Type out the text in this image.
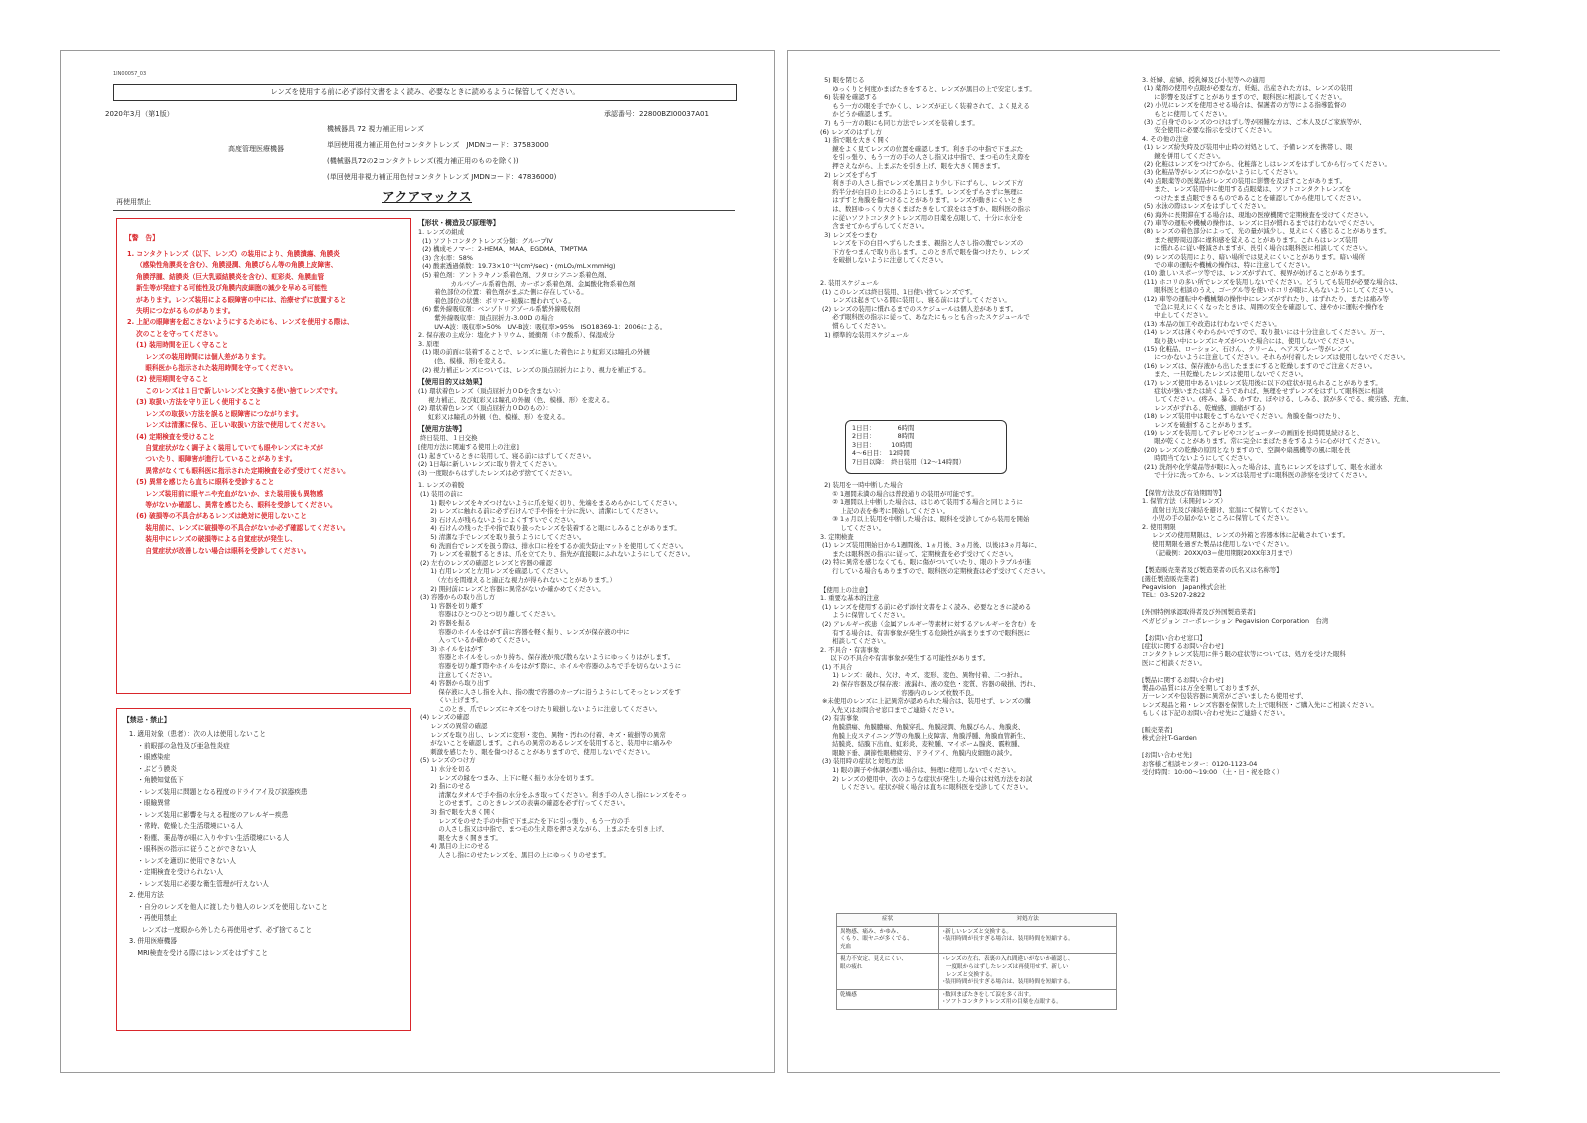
1IN00057_03
レンズを使用する前に必ず添付文書をよく読み、必要なときに読めるように保管してください。
2020年3月（第1版）	承認番号：22800BZI00037A01
高度管理医療機器
機械器具 72 視力補正用レンズ
単回使用視力補正用色付コンタクトレンズ　JMDNコード：37583000
(機械器具72の2コンタクトレンズ(視力補正用のものを除く))
(単回使用非視力補正用色付コンタクトレンズ JMDNコード：47836000)
再使用禁止	アクアマックス
【警　告】
1. コンタクトレンズ（以下、レンズ）の装用により、角膜潰瘍、角膜炎
（感染性角膜炎を含む）、角膜浸潤、角膜びらん等の角膜上皮障害、
角膜浮腫、結膜炎（巨大乳頭結膜炎を含む）、虹彩炎、角膜血管
新生等が発症する可能性及び角膜内皮細胞の減少を早める可能性
があります。レンズ装用による眼障害の中には、治療せずに放置すると
失明につながるものがあります。
2. 上記の眼障害を起こさないようにするためにも、レンズを使用する際は、
次のことを守ってください。
(1) 装用時間を正しく守ること
レンズの装用時間には個人差があります。
眼科医から指示された装用時間を守ってください。
(2) 使用期間を守ること
このレンズは１日で新しいレンズと交換する使い捨てレンズです。
(3) 取扱い方法を守り正しく使用すること
レンズの取扱い方法を誤ると眼障害につながります。
レンズは清潔に保ち、正しい取扱い方法で使用してください。
(4) 定期検査を受けること
自覚症状がなく調子よく装用していても眼やレンズにキズが
ついたり、眼障害が進行していることがあります。
異常がなくても眼科医に指示された定期検査を必ず受けてください。
(5) 異常を感じたら直ちに眼科を受診すること
レンズ装用前に眼ヤニや充血がないか、また装用後も異物感
等がないか確認し、異常を感じたら、眼科を受診してください。
(6) 破損等の不具合があるレンズは絶対に使用しないこと
装用前に、レンズに破損等の不具合がないか必ず確認してください。
装用中にレンズの破損等による自覚症状が発生し、
自覚症状が改善しない場合は眼科を受診してください。
【禁忌・禁止】
1. 適用対象（患者）：次の人は使用しないこと
・前眼部の急性及び亜急性炎症
・眼感染症
・ぶどう膜炎
・角膜知覚低下
・レンズ装用に問題となる程度のドライアイ及び涙器疾患
・眼瞼異常
・レンズ装用に影響を与える程度のアレルギー疾患
・常時、乾燥した生活環境にいる人
・粉塵、薬品等が眼に入りやすい生活環境にいる人
・眼科医の指示に従うことができない人
・レンズを適切に使用できない人
・定期検査を受けられない人
・レンズ装用に必要な衛生管理が行えない人
2. 使用方法
・自分のレンズを他人に渡したり他人のレンズを使用しないこと
・再使用禁止
レンズは一度眼から外したら再使用せず、必ず捨てること
3. 併用医療機器
MRI検査を受ける際にはレンズをはずすこと
【形状・構造及び原理等】
1. レンズの組成
(1) ソフトコンタクトレンズ分類：グループⅣ
(2) 構成モノマー：2-HEMA、MAA、EGDMA、TMPTMA
(3) 含水率：58%
(4) 酸素透過係数：19.73×10⁻¹¹(cm²/sec)・(mLO₂/mL×mmHg)
(5) 着色剤：アントラキノン系着色剤、フタロシアニン系着色剤、
カルバゾール系着色剤、カーボン系着色剤、金属酸化物系着色剤
着色部位の位置：着色剤がまぶた側に存在している。
着色部位の状態：ポリマー被膜に覆われている。
(6) 紫外線吸収剤：ベンゾトリアゾール系紫外線吸収剤
紫外線吸収率：頂点屈折力-3.00D の場合
UV-A波：吸収率>50%　UV-B波：吸収率>95%　ISO18369-1：2006による。
2. 保存液の主成分：塩化ナトリウム、緩衝剤（ホウ酸系）、保湿成分
3. 原理
(1) 眼の前面に装着することで、レンズに施した着色により虹彩又は瞳孔の外観
(色、模様、形)を変える。
(2) 視力補正レンズについては、レンズの頂点屈折力により、視力を補正する。
【使用目的又は効果】
(1) 環状着色レンズ（頂点屈折力０Dを含まない）：
視力補正、及び虹彩又は瞳孔の外観（色、模様、形）を変える。
(2) 環状着色レンズ（頂点屈折力０Dのもの）：
虹彩又は瞳孔の外観（色、模様、形）を変える。
【使用方法等】
終日装用、１日交換
[使用方法に関連する使用上の注意]
(1) 起きているときに装用して、寝る前にはずしてください。
(2) 1日毎に新しいレンズに取り替えてください。
(3) 一度眼からはずしたレンズは必ず捨ててください。
1. レンズの着脱
(1) 装用の前に
1) 眼やレンズをキズつけないように爪を短く切り、先端をまるめらかにしてください。
2) レンズに触れる前に必ず石けんで手や指を十分に洗い、清潔にしてください。
3) 石けんが残らないようによくすすいでください。
4) 石けんの残った手や指で取り扱ったレンズを装着すると眼にしみることがあります。
5) 清潔な手でレンズを取り扱うようにしてください。
6) 洗面台でレンズを扱う際は、排水口に栓をするか流失防止マットを使用してください。
7) レンズを着脱するときは、爪を立てたり、指先が直接眼にふれないようにしてください。
(2) 左右のレンズの確認とレンズと容器の確認
1) 右用レンズと左用レンズを確認してください。
（左右を間違えると適正な視力が得られないことがあります。）
2) 開封前にレンズと容器に異常がないか確かめてください。
(3) 容器からの取り出し方
1) 容器を切り離す
容器はひとつひとつ切り離してください。
2) 容器を振る
容器のホイルをはがす前に容器を軽く振り、レンズが保存液の中に
入っているか確かめてください。
3) ホイルをはがす
容器とホイルをしっかり持ち、保存液が飛び散らないようにゆっくりはがします。
容器を切り離す際やホイルをはがす際に、ホイルや容器のふちで手を切らないように
注意してください。
4) 容器から取り出す
保存液に人さし指を入れ、指の腹で容器のカーブに沿うようにしてそっとレンズをす
くい上げます。
このとき、爪でレンズにキズをつけたり破損しないように注意してください。
(4) レンズの確認
レンズの異常の確認
レンズを取り出し、レンズに変形・変色、異物・汚れの付着、キズ・破損等の異常
がないことを確認します。これらの異常のあるレンズを装用すると、装用中に痛みや
刺激を感じたり、眼を傷つけることがありますので、使用しないでください。
(5) レンズのつけ方
1) 水分を切る
レンズの縁をつまみ、上下に軽く振り水分を切ります。
2) 指にのせる
清潔なタオルで手や指の水分をふき取ってください。利き手の人さし指にレンズをそっ
とのせます。このときレンズの表裏の確認を必ず行ってください。
3) 指で眼を大きく開く
レンズをのせた手の中指で下まぶたを下に引っ張り、もう一方の手
の人さし指又は中指で、まつ毛の生え際を押さえながら、上まぶたを引き上げ、
眼を大きく開きます。
4) 黒目の上にのせる
人さし指にのせたレンズを、黒目の上にゆっくりのせます。
5) 眼を閉じる
ゆっくりと何度かまばたきをすると、レンズが黒目の上で安定します。
6) 装着を確認する
もう一方の眼を手でかくし、レンズが正しく装着されて、よく見える
かどうか確認します。
7) もう一方の眼にも同じ方法でレンズを装着します。
(6) レンズのはずし方
1) 指で眼を大きく開く
鏡をよく見てレンズの位置を確認します。利き手の中指で下まぶた
を引っ張り、もう一方の手の人さし指又は中指で、まつ毛の生え際を
押さえながら、上まぶたを引き上げ、眼を大きく開きます。
2) レンズをずらす
利き手の人さし指でレンズを黒目より少し下にずらし、レンズ下方
約半分が白目の上にのるようにします。レンズをずらさずに無理に
はずすと角膜を傷つけることがあります。レンズが動きにくいとき
は、数回ゆっくり大きくまばたきをして涙をはさすか、眼科医の指示
に従いソフトコンタクトレンズ用の目薬を点眼して、十分に水分を
含ませてからずらしてください。
3) レンズをつまむ
レンズを下の白目へずらしたまま、親指と人さし指の腹でレンズの
下方をつまんで取り出します。このとき爪で眼を傷つけたり、レンズ
を破損しないように注意してください。
2. 装用スケジュール
(1) このレンズは終日装用、1日使い捨てレンズです。
レンズは起きている間に装用し、寝る前にはずしてください。
(2) レンズの装用に慣れるまでのスケジュールは個人差があります。
必ず眼科医の指示に従って、あなたにもっとも合ったスケジュールで
慣らしてください。
1) 標準的な装用スケジュール
1日目：　　　　6時間
2日目：　　　　8時間
3日目：　　　10時間
4～6日目：　12時間
7日目以降：　終日装用（12～14時間）
2) 装用を一時中断した場合
① 1週間未満の場合は普段通りの装用が可能です。
② 1週間以上中断した場合は、はじめて装用する場合と同じように
上記の表を参考に開始してください。
③ 1ヵ月以上装用を中断した場合は、眼科を受診してから装用を開始
してください。
3. 定期検査
(1) レンズ装用開始日から1週間後、1ヵ月後、3ヵ月後、以後は3ヵ月毎に、
または眼科医の指示に従って、定期検査を必ず受けてください。
(2) 特に異常を感じなくても、眼に傷がついていたり、眼のトラブルが進
行している場合もありますので、眼科医の定期検査は必ず受けてください。
【使用上の注意】
1. 重要な基本的注意
(1) レンズを使用する前に必ず添付文書をよく読み、必要なときに読める
ように保管してください。
(2) アレルギー疾患（金属アレルギー等素材に対するアレルギーを含む）を
有する場合は、有害事象が発生する危険性が高まりますので眼科医に
相談してください。
2. 不具合・有害事象
以下の不具合や有害事象が発生する可能性があります。
(1) 不具合
1) レンズ：破れ、欠け、キズ、変形、変色、異物付着、二つ折れ。
2) 保存容器及び保存液：液漏れ、液の変色・変質、容器の破損、汚れ、
容器内のレンズ枚数不良。
※未使用のレンズに上記異常が認められた場合は、装用せず、レンズの購
入先又はお問合せ窓口までご連絡ください。
(2) 有害事象
角膜潰瘍、角膜膿瘍、角膜穿孔、角膜浸潤、角膜びらん、角膜炎、
角膜上皮ステイニング等の角膜上皮障害、角膜浮腫、角膜血管新生、
結膜炎、結膜下出血、虹彩炎、麦粒腫、マイボーム腺炎、霰粒腫、
眼瞼下垂、調節性眼精疲労、ドライアイ、角膜内皮細胞の減少。
(3) 装用時の症状と対処方法
1) 眼の調子や体調が悪い場合は、無理に使用しないでください。
2) レンズの使用中、次のような症状が発生した場合は対処方法をお試
しください。症状が続く場合は直ちに眼科医を受診してください。
症状	対処方法
異物感、痛み、かゆみ、
くもり、眼ヤニが多くでる、
充血	･新しいレンズと交換する。
･装用時間が長すぎる場合は、装用時間を短縮する。
視力不安定、見えにくい、
眼の疲れ	･レンズの左右、表裏の入れ間違いがないか確認し、
一度眼からはずしたレンズは再使用せず、新しい
レンズと交換する。
･装用時間が長すぎる場合は、装用時間を短縮する。
乾燥感	･数回まばたきをして涙を多く出す。
･ソフトコンタクトレンズ用の目薬を点眼する。
3. 妊婦、産婦、授乳婦及び小児等への適用
(1) 薬剤の使用や点眼が必要な方、妊娠、出産された方は、レンズの装用
に影響を及ぼすことがありますので、眼科医に相談してください。
(2) 小児にレンズを使用させる場合は、保護者の方等による指導監督の
もとに使用してください。
(3) ご自身でのレンズのつけはずし等が困難な方は、ご本人及びご家族等が、
安全使用に必要な指示を受けてください。
4. その他の注意
(1) レンズ紛失時及び装用中止時の対処として、予備レンズを携帯し、眼
鏡を併用してください。
(2) 化粧はレンズをつけてから、化粧落としはレンズをはずしてから行ってください。
(3) 化粧品等がレンズにつかないようにしてください。
(4) 点眼薬等の医薬品がレンズの装用に影響を及ぼすことがあります。
また、レンズ装用中に使用する点眼薬は、ソフトコンタクトレンズを
つけたまま点眼できるものであることを確認してから使用してください。
(5) 水泳の際はレンズをはずしてください。
(6) 海外に長期滞在する場合は、現地の医療機関で定期検査を受けてください。
(7) 車等の運転や機械の操作は、レンズに目が慣れるまでは行わないでください。
(8) レンズの着色部分によって、光の量が減少し、見えにくく感じることがあります。
また視野周辺部に違和感を覚えることがあります。これらはレンズ装用
に慣れるに従い軽減されますが、長引く場合は眼科医に相談してください。
(9) レンズの装用により、暗い場所では見えにくいことがあります。暗い場所
での車の運転や機械の操作は、特に注意してください。
(10) 激しいスポーツ等では、レンズがずれて、視界が妨げることがあります。
(11) ホコリの多い所でレンズを装用しないでください。どうしても装用が必要な場合は、
眼科医と相談のうえ、ゴーグル等を使いホコリが眼に入らないようにしてください。
(12) 車等の運転中や機械類の操作中にレンズがずれたり、はずれたり、または痛み等
で急に見えにくくなったときは、周囲の安全を確認して、速やかに運転や操作を
中止してください。
(13) 本品の加工や改造は行わないでください。
(14) レンズは薄くやわらかいですので、取り扱いには十分注意してください。万一、
取り扱い中にレンズにキズがついた場合には、使用しないでください。
(15) 化粧品、ローション、石けん、クリーム、ヘアスプレー等がレンズ
につかないように注意してください。それらが付着したレンズは使用しないでください。
(16) レンズは、保存液から出したままにすると乾燥しますのでご注意ください。
また、一旦乾燥したレンズは使用しないでください。
(17) レンズ使用中あるいはレンズ装用後に以下の症状が見られることがあります。
症状が強いまたは続くようであれば、無理をせずレンズをはずして眼科医に相談
してください。(疼み、暴る、かすむ、ぼやける、しみる、涙が多くでる、疲労感、充血、
レンズがずれる、乾燥感、頭痛がする)
(18) レンズ装用中は眼をこすらないでください。角膜を傷つけたり、
レンズを破損することがあります。
(19) レンズを装用してテレビやコンピューターの画面を長時間見続けると、
眼が乾くことがあります。常に完全にまばたきをするように心がけてください。
(20) レンズの乾燥の原因となりますので、空調や扇風機等の風に眼を長
時間当てないようにしてください。
(21) 洗剤や化学薬品等が眼に入った場合は、直ちにレンズをはずして、眼を水道水
で十分に洗ってから、レンズは装用せずに眼科医の診察を受けてください。
【保管方法及び有効期間等】
1. 保管方法（未開封レンズ）
直射日光及び凍結を避け、室温にて保管してください。
小児の手の届かないところに保管してください。
2. 使用期限
レンズの使用期限は、レンズの外箱と容器本体に記載されています。
使用期限を過ぎた製品は使用しないでください。
（記載例：20XX/03＝使用期限20XX年3月まで）
【製造販売業者及び製造業者の氏名又は名称等】
[選任製造販売業者]
Pegavision　Japan株式会社
TEL：03-5207-2822

[外国特例承認取得者及び外国製造業者]
ペガビジョン コーポレーション Pegavision Corporation　台湾

【お問い合わせ窓口】
[症状に関するお問い合わせ]
コンタクトレンズ装用に伴う眼の症状等については、処方を受けた眼科
医にご相談ください。

[製品に関するお問い合わせ]
製品の品質には万全を期しておりますが、
万一レンズや包装容器に異常がございましたら使用せず、
レンズ現品と箱・レンズ容器を保管した上で眼科医・ご購入先にご相談ください。
もしくは下記のお問い合わせ先にご連絡ください。

[販売業者]
株式会社T-Garden

[お問い合わせ先]
お客様ご相談センター：0120-1123-04
受付時間：10:00～19:00 （土・日・祝を除く）
